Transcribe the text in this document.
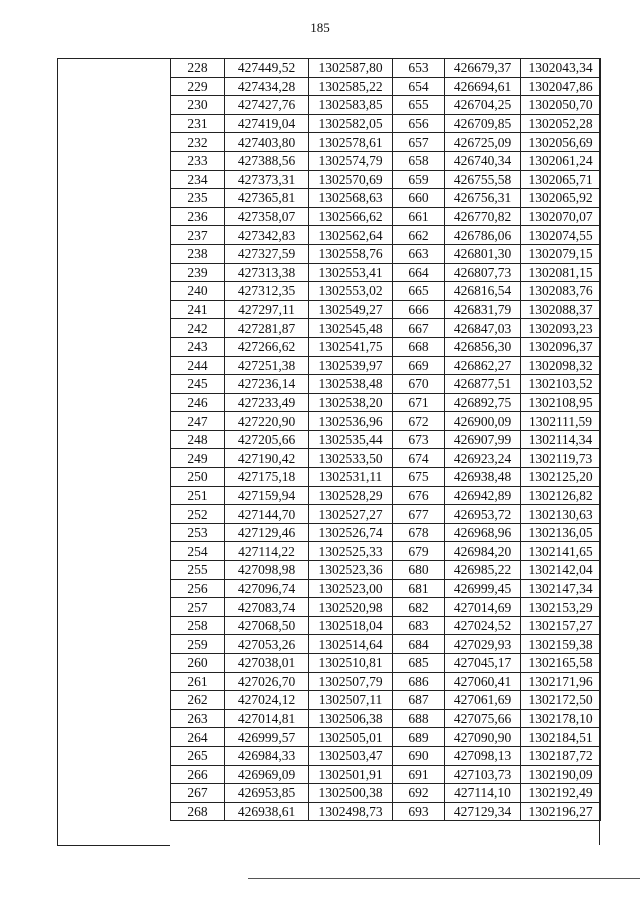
185
228	427449,52	1302587,80	653	426679,37	1302043,34
229	427434,28	1302585,22	654	426694,61	1302047,86
230	427427,76	1302583,85	655	426704,25	1302050,70
231	427419,04	1302582,05	656	426709,85	1302052,28
232	427403,80	1302578,61	657	426725,09	1302056,69
233	427388,56	1302574,79	658	426740,34	1302061,24
234	427373,31	1302570,69	659	426755,58	1302065,71
235	427365,81	1302568,63	660	426756,31	1302065,92
236	427358,07	1302566,62	661	426770,82	1302070,07
237	427342,83	1302562,64	662	426786,06	1302074,55
238	427327,59	1302558,76	663	426801,30	1302079,15
239	427313,38	1302553,41	664	426807,73	1302081,15
240	427312,35	1302553,02	665	426816,54	1302083,76
241	427297,11	1302549,27	666	426831,79	1302088,37
242	427281,87	1302545,48	667	426847,03	1302093,23
243	427266,62	1302541,75	668	426856,30	1302096,37
244	427251,38	1302539,97	669	426862,27	1302098,32
245	427236,14	1302538,48	670	426877,51	1302103,52
246	427233,49	1302538,20	671	426892,75	1302108,95
247	427220,90	1302536,96	672	426900,09	1302111,59
248	427205,66	1302535,44	673	426907,99	1302114,34
249	427190,42	1302533,50	674	426923,24	1302119,73
250	427175,18	1302531,11	675	426938,48	1302125,20
251	427159,94	1302528,29	676	426942,89	1302126,82
252	427144,70	1302527,27	677	426953,72	1302130,63
253	427129,46	1302526,74	678	426968,96	1302136,05
254	427114,22	1302525,33	679	426984,20	1302141,65
255	427098,98	1302523,36	680	426985,22	1302142,04
256	427096,74	1302523,00	681	426999,45	1302147,34
257	427083,74	1302520,98	682	427014,69	1302153,29
258	427068,50	1302518,04	683	427024,52	1302157,27
259	427053,26	1302514,64	684	427029,93	1302159,38
260	427038,01	1302510,81	685	427045,17	1302165,58
261	427026,70	1302507,79	686	427060,41	1302171,96
262	427024,12	1302507,11	687	427061,69	1302172,50
263	427014,81	1302506,38	688	427075,66	1302178,10
264	426999,57	1302505,01	689	427090,90	1302184,51
265	426984,33	1302503,47	690	427098,13	1302187,72
266	426969,09	1302501,91	691	427103,73	1302190,09
267	426953,85	1302500,38	692	427114,10	1302192,49
268	426938,61	1302498,73	693	427129,34	1302196,27
